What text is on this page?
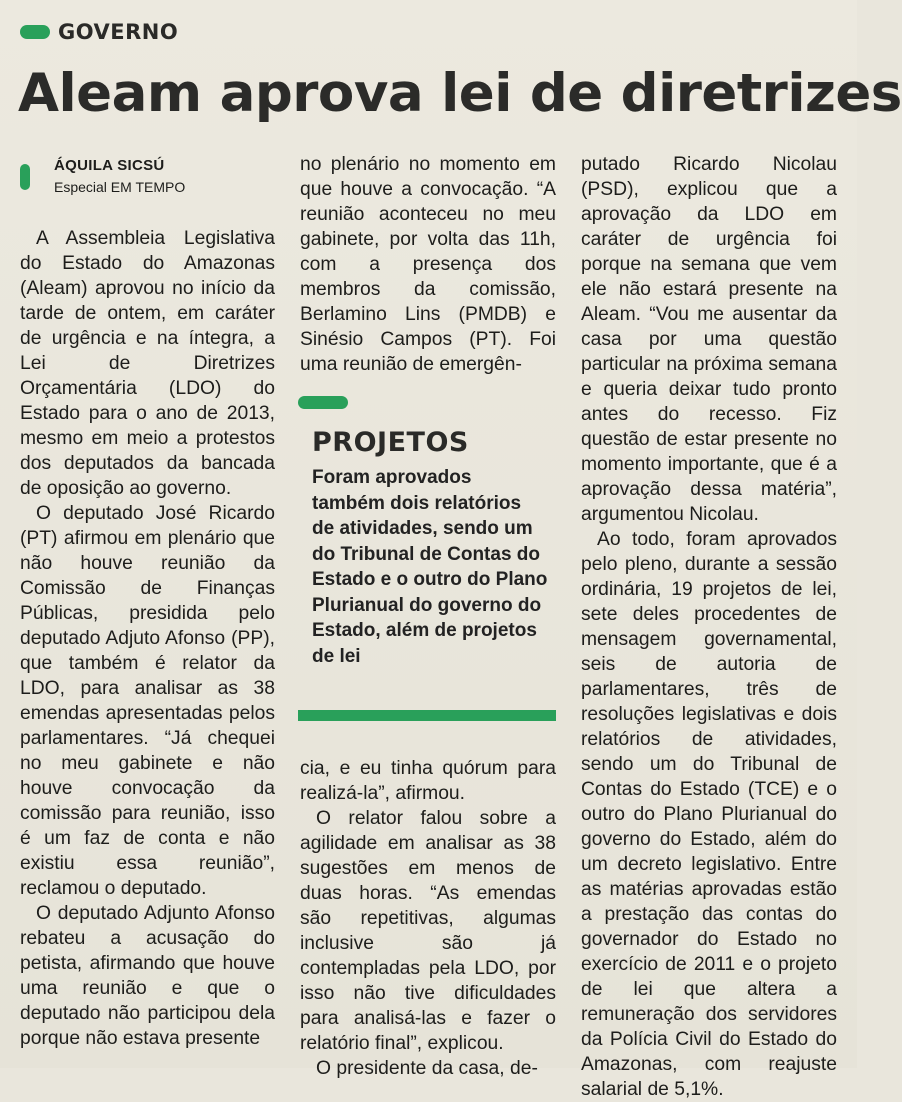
GOVERNO
Aleam aprova lei de diretrizes
ÁQUILA SICSÚ
Especial EM TEMPO

A Assembleia Legislativa do Estado do Amazonas (Aleam) aprovou no início da tarde de ontem, em caráter de urgência e na íntegra, a Lei de Diretrizes Orçamentária (LDO) do Estado para o ano de 2013, mesmo em meio a protestos dos deputados da bancada de oposição ao governo.

O deputado José Ricardo (PT) afirmou em plenário que não houve reunião da Comissão de Finanças Públicas, presidida pelo deputado Adjuto Afonso (PP), que também é relator da LDO, para analisar as 38 emendas apresentadas pelos parlamentares. “Já chequei no meu gabinete e não houve convocação da comissão para reunião, isso é um faz de conta e não existiu essa reunião”, reclamou o deputado.

O deputado Adjunto Afonso rebateu a acusação do petista, afirmando que houve uma reunião e que o deputado não participou dela porque não estava presente

no plenário no momento em que houve a convocação. “A reunião aconteceu no meu gabinete, por volta das 11h, com a presença dos membros da comissão, Berlamino Lins (PMDB) e Sinésio Campos (PT). Foi uma reunião de emergên-

PROJETOS
Foram aprovados também dois relatórios de atividades, sendo um do Tribunal de Contas do Estado e o outro do Plano Plurianual do governo do Estado, além de projetos de lei

cia, e eu tinha quórum para realizá-la”, afirmou.

O relator falou sobre a agilidade em analisar as 38 sugestões em menos de duas horas. “As emendas são repetitivas, algumas inclusive são já contempladas pela LDO, por isso não tive dificuldades para analisá-las e fazer o relatório final”, explicou.

O presidente da casa, de-

putado Ricardo Nicolau (PSD), explicou que a aprovação da LDO em caráter de urgência foi porque na semana que vem ele não estará presente na Aleam. “Vou me ausentar da casa por uma questão particular na próxima semana e queria deixar tudo pronto antes do recesso. Fiz questão de estar presente no momento importante, que é a aprovação dessa matéria”, argumentou Nicolau.

Ao todo, foram aprovados pelo pleno, durante a sessão ordinária, 19 projetos de lei, sete deles procedentes de mensagem governamental, seis de autoria de parlamentares, três de resoluções legislativas e dois relatórios de atividades, sendo um do Tribunal de Contas do Estado (TCE) e o outro do Plano Plurianual do governo do Estado, além do um decreto legislativo. Entre as matérias aprovadas estão a prestação das contas do governador do Estado no exercício de 2011 e o projeto de lei que altera a remuneração dos servidores da Polícia Civil do Estado do Amazonas, com reajuste salarial de 5,1%.
